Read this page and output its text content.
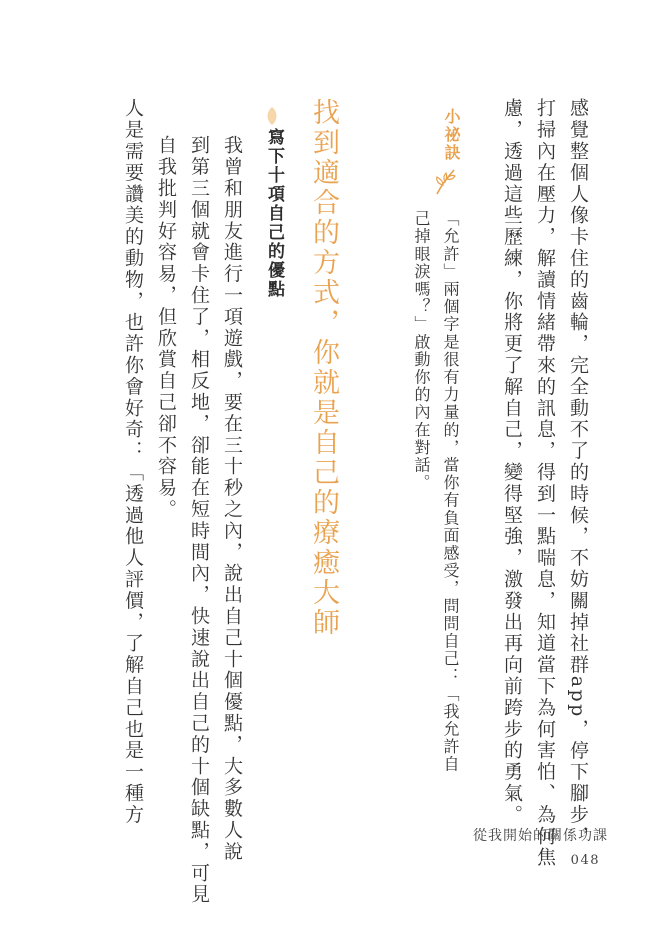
感覺整個人像卡住的齒輪，完全動不了的時候，不妨關掉社群app，停下腳步，
打掃內在壓力，解讀情緒帶來的訊息，得到一點喘息，知道當下為何害怕、為何焦
慮，透過這些歷練，你將更了解自己，變得堅強，激發出再向前跨步的勇氣。
小祕訣
「允許」兩個字是很有力量的，當你有負面感受，問問自己：「我允許自
己掉眼淚嗎？」啟動你的內在對話。
找到適合的方式，你就是自己的療癒大師
寫下十項自己的優點
我曾和朋友進行一項遊戲，要在三十秒之內，說出自己十個優點，大多數人說
到第三個就會卡住了，相反地，卻能在短時間內，快速說出自己的十個缺點，可見
自我批判好容易，但欣賞自己卻不容易。
人是需要讚美的動物，也許你會好奇：「透過他人評價，了解自己也是一種方
從我開始的關係功課
048
